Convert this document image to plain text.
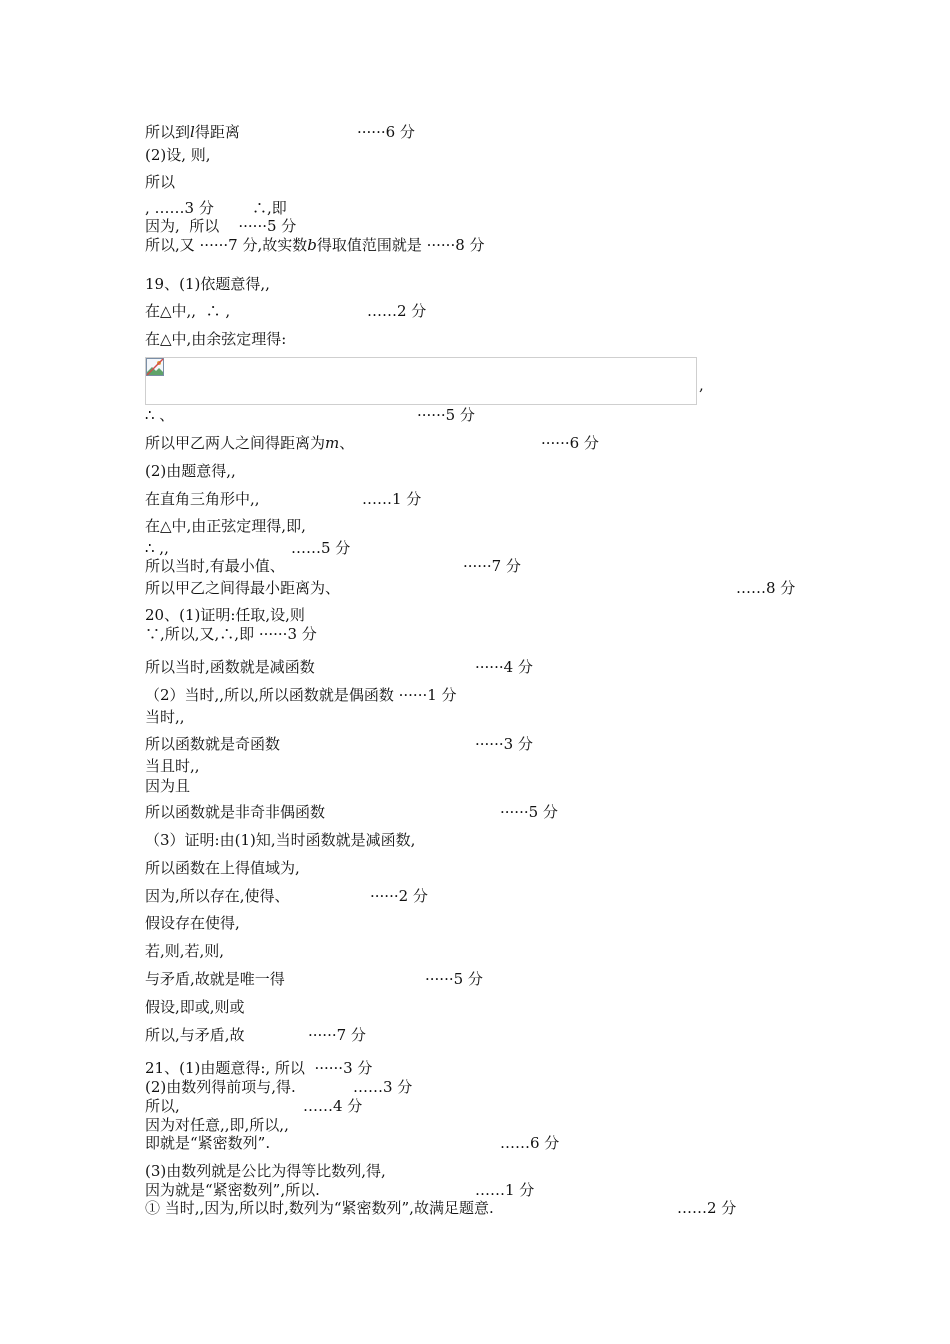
所以到l得距离	······6 分
(2)设, 则,
所以
, ……3 分        ∴,即
因为,  所以    ······5 分
所以,又 ······7 分,故实数b得取值范围就是 ······8 分
19、(1)依题意得,,
在△中,,  ∴ ,	……2 分
在△中,由余弦定理得:
∴ 、	······5 分
所以甲乙两人之间得距离为m、	······6 分
(2)由题意得,,
在直角三角形中,,	……1 分
在△中,由正弦定理得,即,
∴ ,,	……5 分
所以当时,有最小值、	······7 分
所以甲乙之间得最小距离为、	……8 分
20、(1)证明:任取,设,则
∵,所以,又,∴,即 ······3 分
所以当时,函数就是减函数	······4 分
（2）当时,,所以,所以函数就是偶函数 ······1 分
当时,,
所以函数就是奇函数	······3 分
当且时,,
因为且
所以函数就是非奇非偶函数	······5 分
（3）证明:由(1)知,当时函数就是减函数,
所以函数在上得值域为,
因为,所以存在,使得、	······2 分
假设存在使得,
若,则,若,则,
与矛盾,故就是唯一得	······5 分
假设,即或,则或
所以,与矛盾,故	······7 分
21、(1)由题意得:, 所以  ······3 分
(2)由数列得前项与,得.	……3 分
所以,	……4 分
因为对任意,,即,所以,,
即就是“紧密数列”.	……6 分
(3)由数列就是公比为得等比数列,得,
因为就是“紧密数列”,所以.	……1 分
① 当时,,因为,所以时,数列为“紧密数列”,故满足题意.	……2 分
,
